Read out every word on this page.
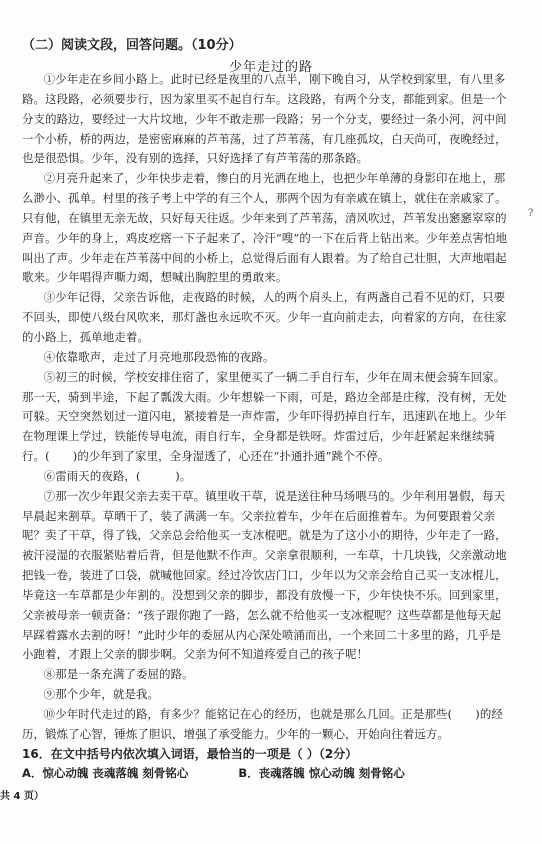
（二）阅读文段，回答问题。（10分）
少年走过的路

①少年走在乡间小路上。此时已经是夜里的八点半，刚下晚自习，从学校到家里，有八里多路。这段路，必须要步行，因为家里买不起自行车。这段路，有两个分支，都能到家。但是一个分支的路边，要经过一大片坟地，少年不敢走那一段路；另一个分支，要经过一条小河，河中间一个小桥，桥的两边，是密密麻麻的芦苇荡，过了芦苇荡，有几座孤坟，白天尚可，夜晚经过，也是很恐惧。少年，没有别的选择，只好选择了有芦苇荡的那条路。

②月亮升起来了，少年快步走着，惨白的月光洒在地上，也把少年单薄的身影印在地上，那么渺小、孤单。村里的孩子考上中学的有三个人，那两个因为有亲戚在镇上，就住在亲戚家了。只有他，在镇里无亲无故，只好每天往返。少年来到了芦苇荡，清风吹过，芦苇发出窸窸窣窣的声音。少年的身上，鸡皮疙瘩一下子起来了，冷汗“嗖”的一下在后背上钻出来。少年差点害怕地叫出了声。少年走在芦苇荡中间的小桥上，总觉得后面有人跟着。为了给自己壮胆，大声地唱起歌来。少年唱得声嘶力竭，想喊出胸腔里的勇敢来。

③少年记得，父亲告诉他，走夜路的时候，人的两个肩头上，有两盏自己看不见的灯，只要不回头，即使八级台风吹来，那灯盏也永远吹不灭。少年一直向前走去，向着家的方向，在往家的小路上，孤单地走着。

④依靠歌声，走过了月亮地那段恐怖的夜路。

⑤初三的时候，学校安排住宿了，家里便买了一辆二手自行车，少年在周末便会骑车回家。那一天，骑到半途，下起了瓢泼大雨。少年想躲一下雨，可是，路边全部是庄稼，没有树，无处可躲。天空突然划过一道闪电，紧接着是一声炸雷，少年吓得扔掉自行车，迅速趴在地上。少年在物理课上学过，铁能传导电流，雨自行车，全身都是铁呀。炸雷过后，少年赶紧起来继续骑行。(　　)的少年到了家里，全身湿透了，心还在“扑通扑通”跳个不停。

⑥雷雨天的夜路，(　　　)。

⑦那一次少年跟父亲去卖干草。镇里收干草，说是送往种马场喂马的。少年利用暑假，每天早晨起来割草。草晒干了，装了满满一车。父亲拉着车，少年在后面推着车。为何要跟着父亲呢？卖了干草，得了钱，父亲总会给他买一支冰棍吧。就是为了这小小的期待，少年走了一路，被汗浸湿的衣服紧贴着后背，但是他默不作声。父亲拿很顺利，一车草，十几块钱，父亲激动地把钱一卷，装进了口袋，就喊他回家。经过冷饮店门口，少年以为父亲会给自己买一支冰棍儿，毕竟这一车草都是少年割的。没想到父亲的脚步，都没有放慢一下，少年快快不乐。回到家里，父亲被母亲一顿责备：“孩子跟你跑了一路，怎么就不给他买一支冰棍呢？这些草都是他每天起早踩着露水去割的呀！”此时少年的委屈从内心深处喷涌而出，一个来回二十多里的路，几乎是小跑着，才跟上父亲的脚步啊。父亲为何不知道疼爱自己的孩子呢！

⑧那是一条充满了委屈的路。

⑨那个少年，就是我。

⑩少年时代走过的路，有多少？能铭记在心的经历，也就是那么几回。正是那些(　　)的经历，锻炼了心智，锤炼了胆识，增强了承受能力。少年的一颗心，开始向往着远方。

?
16．在文中括号内依次填入词语，最恰当的一项是（ ）（2分）
A．惊心动魄 丧魂落魄 刻骨铭心	B．丧魂落魄 惊心动魄 刻骨铭心
共 4 页）
